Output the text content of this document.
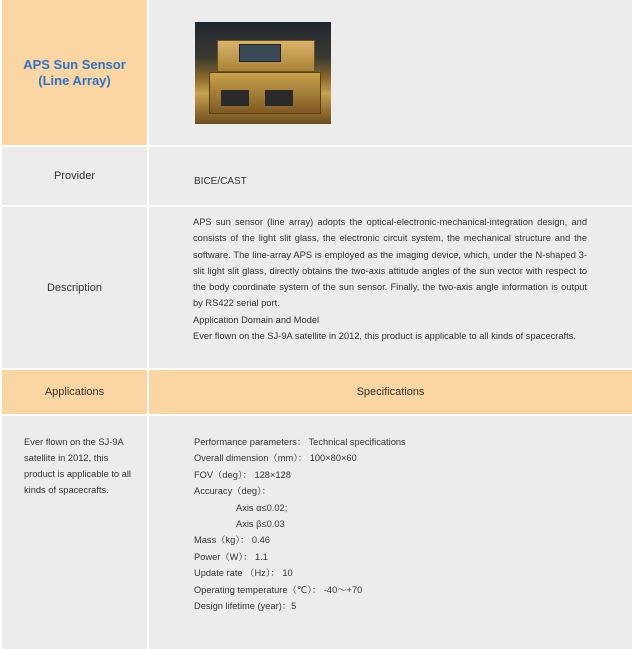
APS Sun Sensor
(Line Array)
Provider	BICE/CAST
Description

APS sun sensor (line array) adopts the optical-electronic-mechanical-integration design, and consists of the light slit glass, the electronic circuit system, the mechanical structure and the software. The line-array APS is employed as the imaging device, which, under the N-shaped 3-slit light slit glass, directly obtains the two-axis attitude angles of the sun vector with respect to the body coordinate system of the sun sensor. Finally, the two-axis angle information is output by RS422 serial port.

Application Domain and Model

Ever flown on the SJ-9A satellite in 2012, this product is applicable to all kinds of spacecrafts.

Applications	Specifications
Ever flown on the SJ-9A satellite in 2012, this product is applicable to all kinds of spacecrafts.
Performance parameters： Technical specifications
Overall dimension（mm）： 100×80×60
FOV（deg）： 128×128
Accuracy（deg）：
Axis α≤0.02;
Axis β≤0.03
Mass（kg）： 0.46
Power（W）： 1.1
Update rate （Hz）： 10
Operating temperature（℃）： -40～+70
Design lifetime (year)：5
